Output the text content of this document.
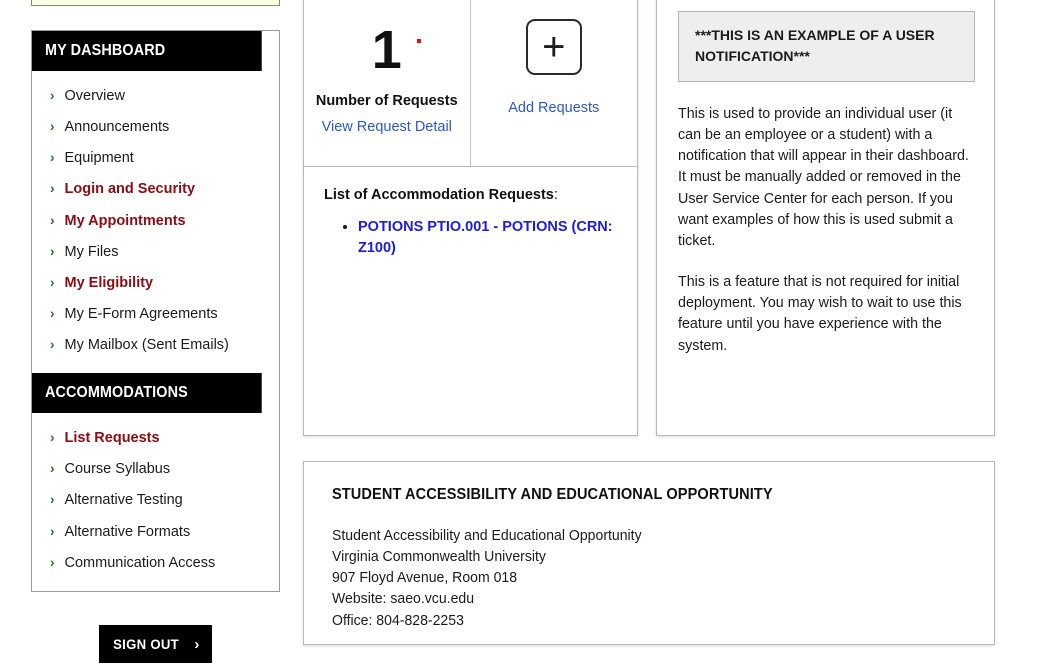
MY DASHBOARD
› Overview
› Announcements
› Equipment
› Login and Security
› My Appointments
› My Files
› My Eligibility
› My E-Form Agreements
› My Mailbox (Sent Emails)
ACCOMMODATIONS
› List Requests
› Course Syllabus
› Alternative Testing
› Alternative Formats
› Communication Access
SIGN OUT ›
1
Number of Requests
View Request Detail
+
Add Requests
List of Accommodation Requests:
• POTIONS PTIO.001 - POTIONS (CRN: Z100)
***THIS IS AN EXAMPLE OF A USER NOTIFICATION***

This is used to provide an individual user (it can be an employee or a student) with a notification that will appear in their dashboard. It must be manually added or removed in the User Service Center for each person. If you want examples of how this is used submit a ticket.

This is a feature that is not required for initial deployment. You may wish to wait to use this feature until you have experience with the system.

STUDENT ACCESSIBILITY AND EDUCATIONAL OPPORTUNITY
Student Accessibility and Educational Opportunity
Virginia Commonwealth University
907 Floyd Avenue, Room 018
Website: saeo.vcu.edu
Office: 804-828-2253
